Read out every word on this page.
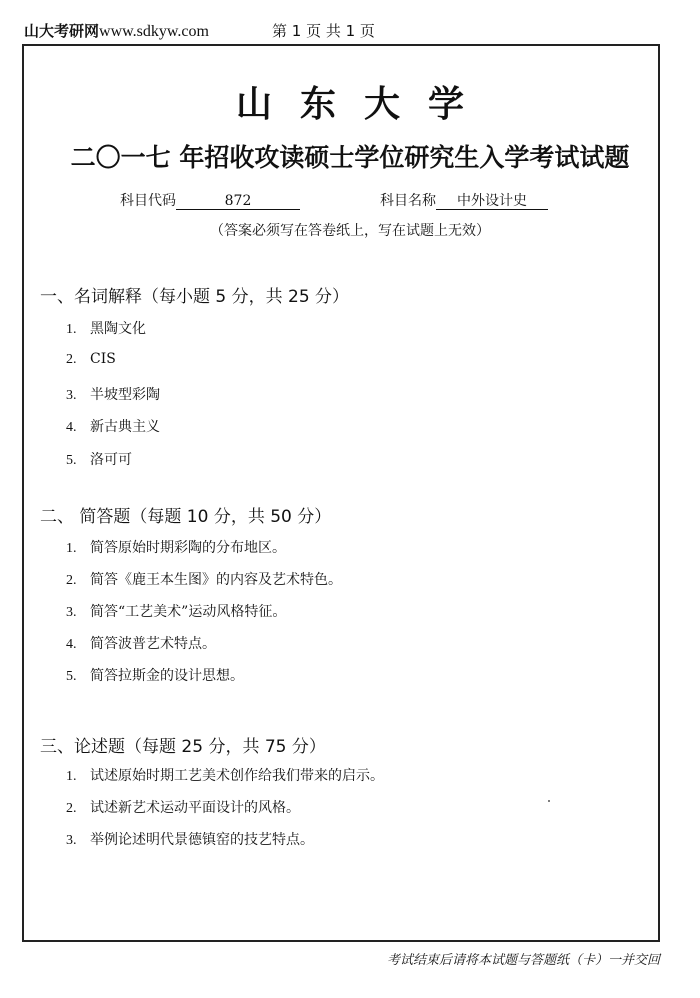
山大考研网www.sdkyw.com	第 1 页 共 1 页
山东大学
二〇一七 年招收攻读硕士学位研究生入学考试试题
科目代码	872	科目名称 中外设计史
（答案必须写在答卷纸上，写在试题上无效）
一、名词解释（每小题 5 分，共 25 分）
1. 黑陶文化
2. CIS
3. 半坡型彩陶
4. 新古典主义
5. 洛可可
二、 简答题（每题 10 分，共 50 分）
1. 简答原始时期彩陶的分布地区。
2. 简答《鹿王本生图》的内容及艺术特色。
3. 简答“工艺美术”运动风格特征。
4. 简答波普艺术特点。
5. 简答拉斯金的设计思想。
三、论述题（每题 25 分，共 75 分）
1. 试述原始时期工艺美术创作给我们带来的启示。
2. 试述新艺术运动平面设计的风格。
3. 举例论述明代景德镇窑的技艺特点。
考试结束后请将本试题与答题纸（卡）一并交回
